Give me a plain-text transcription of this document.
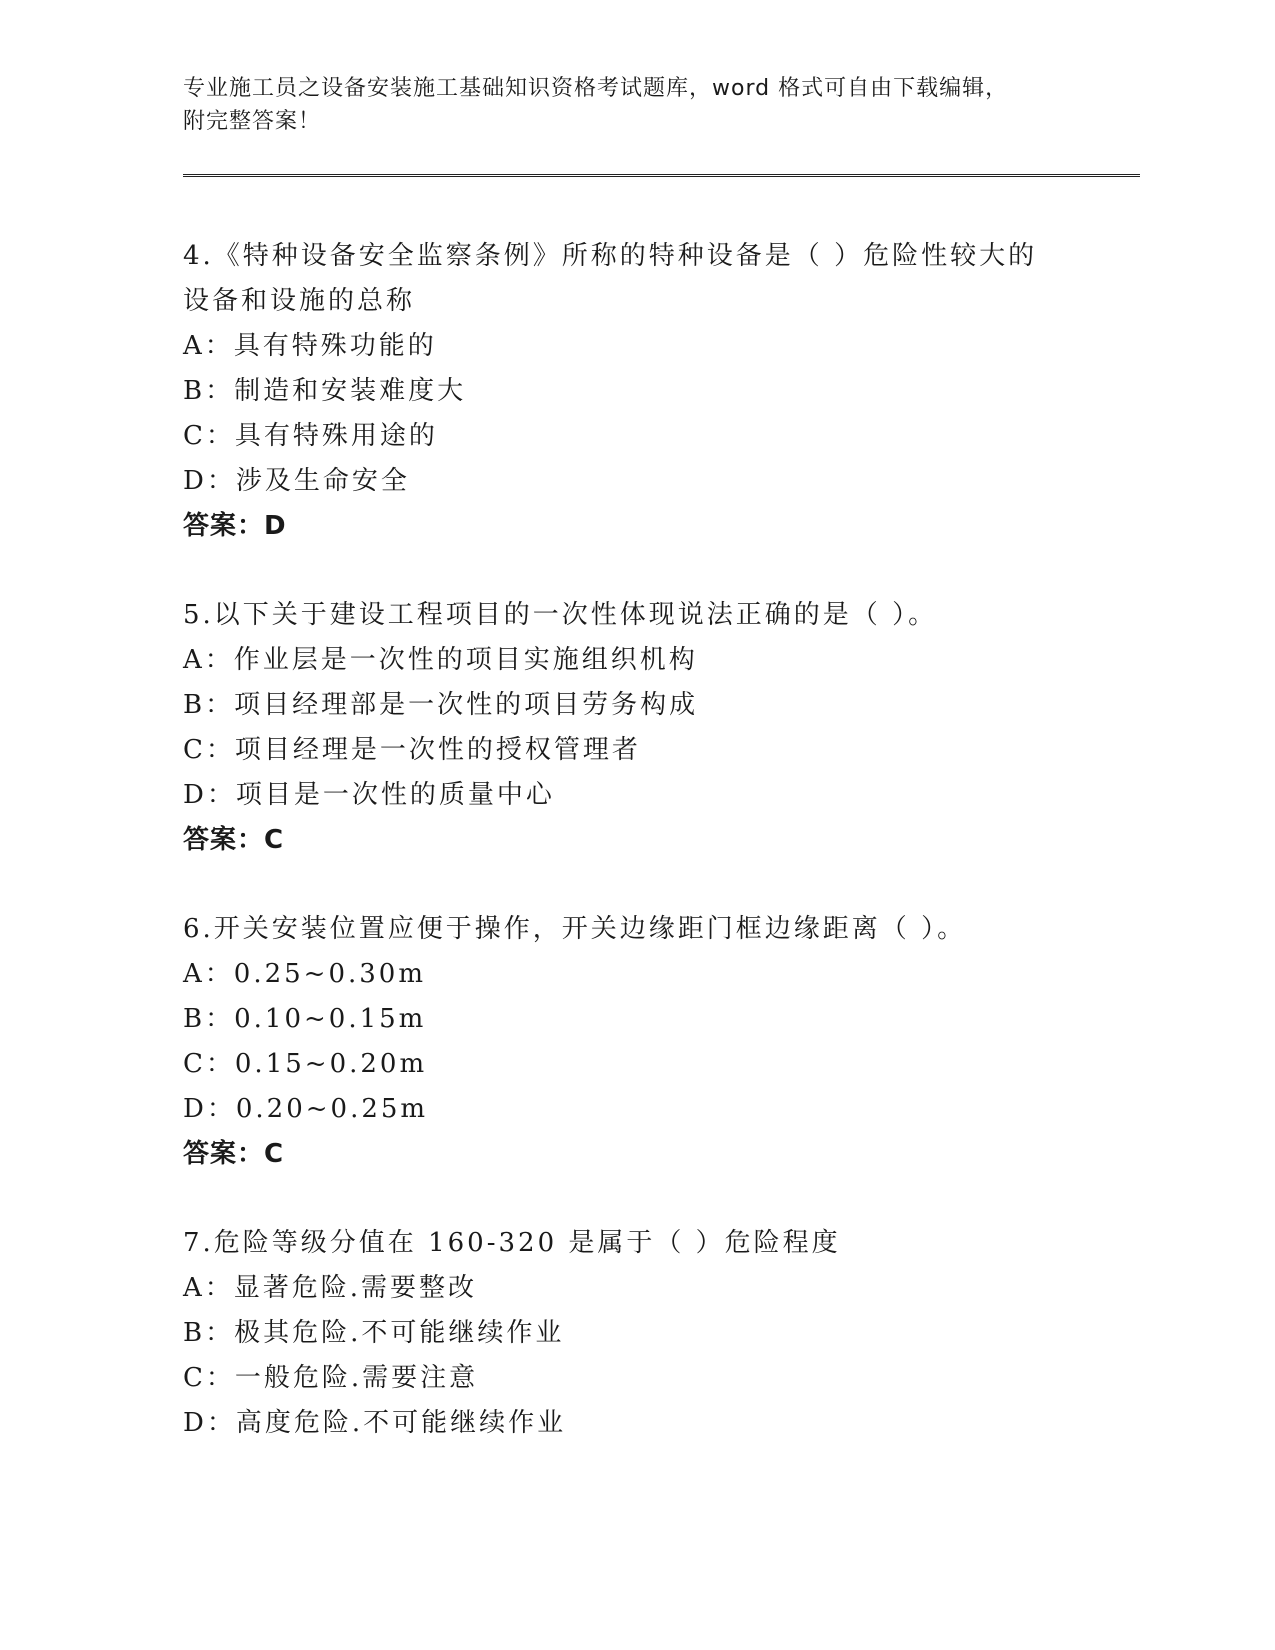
专业施工员之设备安装施工基础知识资格考试题库，word 格式可自由下载编辑，
附完整答案！
4.《特种设备安全监察条例》所称的特种设备是（ ）危险性较大的设备和设施的总称
A：具有特殊功能的
B：制造和安装难度大
C：具有特殊用途的
D：涉及生命安全
答案：D
5.以下关于建设工程项目的一次性体现说法正确的是（ ）。
A：作业层是一次性的项目实施组织机构
B：项目经理部是一次性的项目劳务构成
C：项目经理是一次性的授权管理者
D：项目是一次性的质量中心
答案：C
6.开关安装位置应便于操作，开关边缘距门框边缘距离（ ）。
A：0.25~0.30m
B：0.10~0.15m
C：0.15~0.20m
D：0.20~0.25m
答案：C
7.危险等级分值在 160-320 是属于（ ）危险程度
A：显著危险.需要整改
B：极其危险.不可能继续作业
C：一般危险.需要注意
D：高度危险.不可能继续作业
